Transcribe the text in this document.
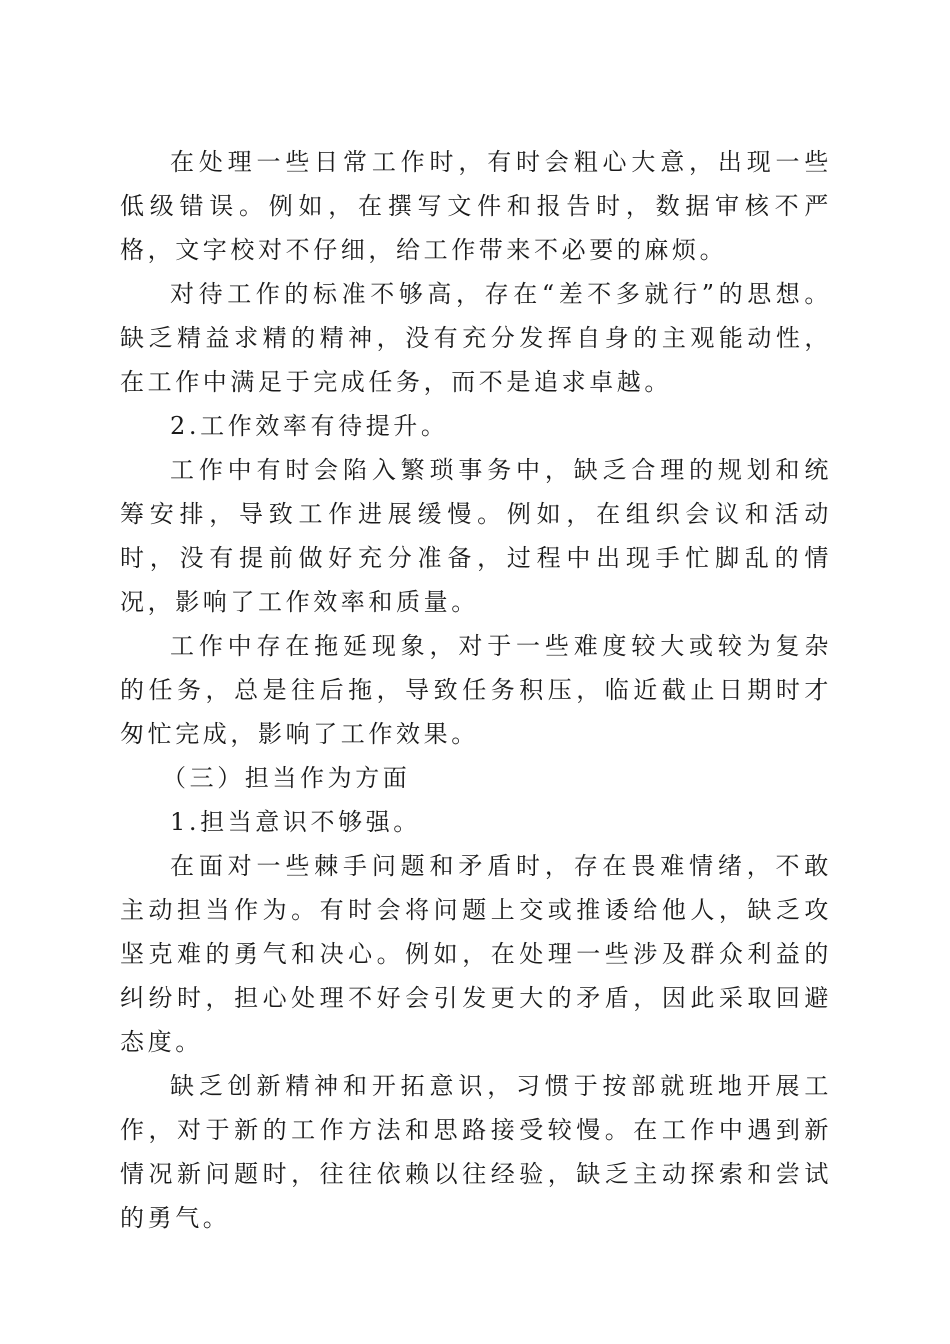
在处理一些日常工作时，有时会粗心大意，出现一些低级错误。例如，在撰写文件和报告时，数据审核不严格，文字校对不仔细，给工作带来不必要的麻烦。

对待工作的标准不够高，存在“差不多就行”的思想。缺乏精益求精的精神，没有充分发挥自身的主观能动性，在工作中满足于完成任务，而不是追求卓越。

2.工作效率有待提升。

工作中有时会陷入繁琐事务中，缺乏合理的规划和统筹安排，导致工作进展缓慢。例如，在组织会议和活动时，没有提前做好充分准备，过程中出现手忙脚乱的情况，影响了工作效率和质量。

工作中存在拖延现象，对于一些难度较大或较为复杂的任务，总是往后拖，导致任务积压，临近截止日期时才匆忙完成，影响了工作效果。

（三）担当作为方面

1.担当意识不够强。

在面对一些棘手问题和矛盾时，存在畏难情绪，不敢主动担当作为。有时会将问题上交或推诿给他人，缺乏攻坚克难的勇气和决心。例如，在处理一些涉及群众利益的纠纷时，担心处理不好会引发更大的矛盾，因此采取回避态度。

缺乏创新精神和开拓意识，习惯于按部就班地开展工作，对于新的工作方法和思路接受较慢。在工作中遇到新情况新问题时，往往依赖以往经验，缺乏主动探索和尝试的勇气。
